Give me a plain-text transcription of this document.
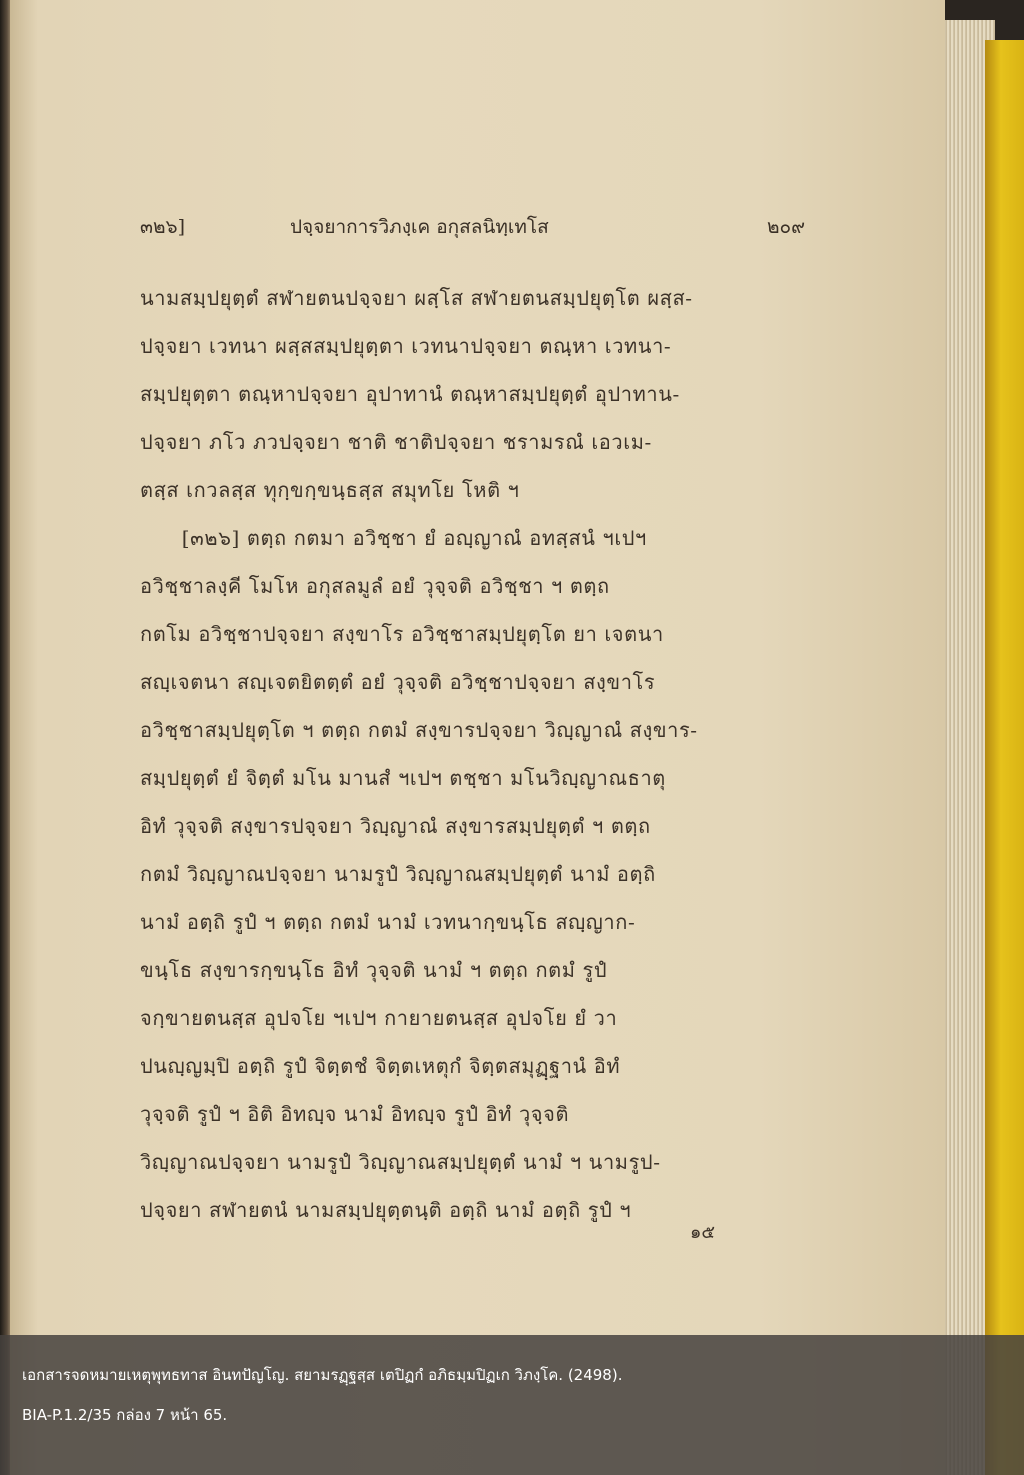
๓๒๖]	ปจฺจยาการวิภงฺเค อกุสลนิทฺเทโส	๒๐๙
นามสมฺปยุตฺตํ สฬายตนปจฺจยา ผสฺโส สฬายตนสมฺปยุตฺโต ผสฺส-
ปจฺจยา เวทนา ผสฺสสมฺปยุตฺตา เวทนาปจฺจยา ตณฺหา เวทนา-
สมฺปยุตฺตา ตณฺหาปจฺจยา อุปาทานํ ตณฺหาสมฺปยุตฺตํ อุปาทาน-
ปจฺจยา ภโว ภวปจฺจยา ชาติ ชาติปจฺจยา ชรามรณํ เอวเม-
ตสฺส เกวลสฺส ทุกฺขกฺขนฺธสฺส สมุทโย โหติ ฯ
[๓๒๖] ตตฺถ กตมา อวิชฺชา ยํ อญฺญาณํ อทสฺสนํ ฯเปฯ
อวิชฺชาลงฺคี โมโห อกุสลมูลํ อยํ วุจฺจติ อวิชฺชา ฯ ตตฺถ
กตโม อวิชฺชาปจฺจยา สงฺขาโร อวิชฺชาสมฺปยุตฺโต ยา เจตนา
สญฺเจตนา สญฺเจตยิตตฺตํ อยํ วุจฺจติ อวิชฺชาปจฺจยา สงฺขาโร
อวิชฺชาสมฺปยุตฺโต ฯ ตตฺถ กตมํ สงฺขารปจฺจยา วิญฺญาณํ สงฺขาร-
สมฺปยุตฺตํ ยํ จิตฺตํ มโน มานสํ ฯเปฯ ตชฺชา มโนวิญฺญาณธาตุ
อิทํ วุจฺจติ สงฺขารปจฺจยา วิญฺญาณํ สงฺขารสมฺปยุตฺตํ ฯ ตตฺถ
กตมํ วิญฺญาณปจฺจยา นามรูปํ วิญฺญาณสมฺปยุตฺตํ นามํ อตฺถิ
นามํ อตฺถิ รูปํ ฯ ตตฺถ กตมํ นามํ เวทนากฺขนฺโธ สญฺญาก-
ขนฺโธ สงฺขารกฺขนฺโธ อิทํ วุจฺจติ นามํ ฯ ตตฺถ กตมํ รูปํ
จกฺขายตนสฺส อุปจโย ฯเปฯ กายายตนสฺส อุปจโย ยํ วา
ปนญฺญมฺปิ อตฺถิ รูปํ จิตฺตชํ จิตฺตเหตุกํ จิตฺตสมุฏฺฐานํ อิทํ
วุจฺจติ รูปํ ฯ อิติ อิทญฺจ นามํ อิทญฺจ รูปํ อิทํ วุจฺจติ
วิญฺญาณปจฺจยา นามรูปํ วิญฺญาณสมฺปยุตฺตํ นามํ ฯ นามรูป-
ปจฺจยา สฬายตนํ นามสมฺปยุตฺตนฺติ อตฺถิ นามํ อตฺถิ รูปํ ฯ
๑๕
เอกสารจดหมายเหตุพุทธทาส อินทปัญโญ. สยามรฏฺฐสฺส เตปิฏกํ อภิธมฺมปิฏเก วิภงฺโค. (2498).
BIA-P.1.2/35 กล่อง 7 หน้า 65.
